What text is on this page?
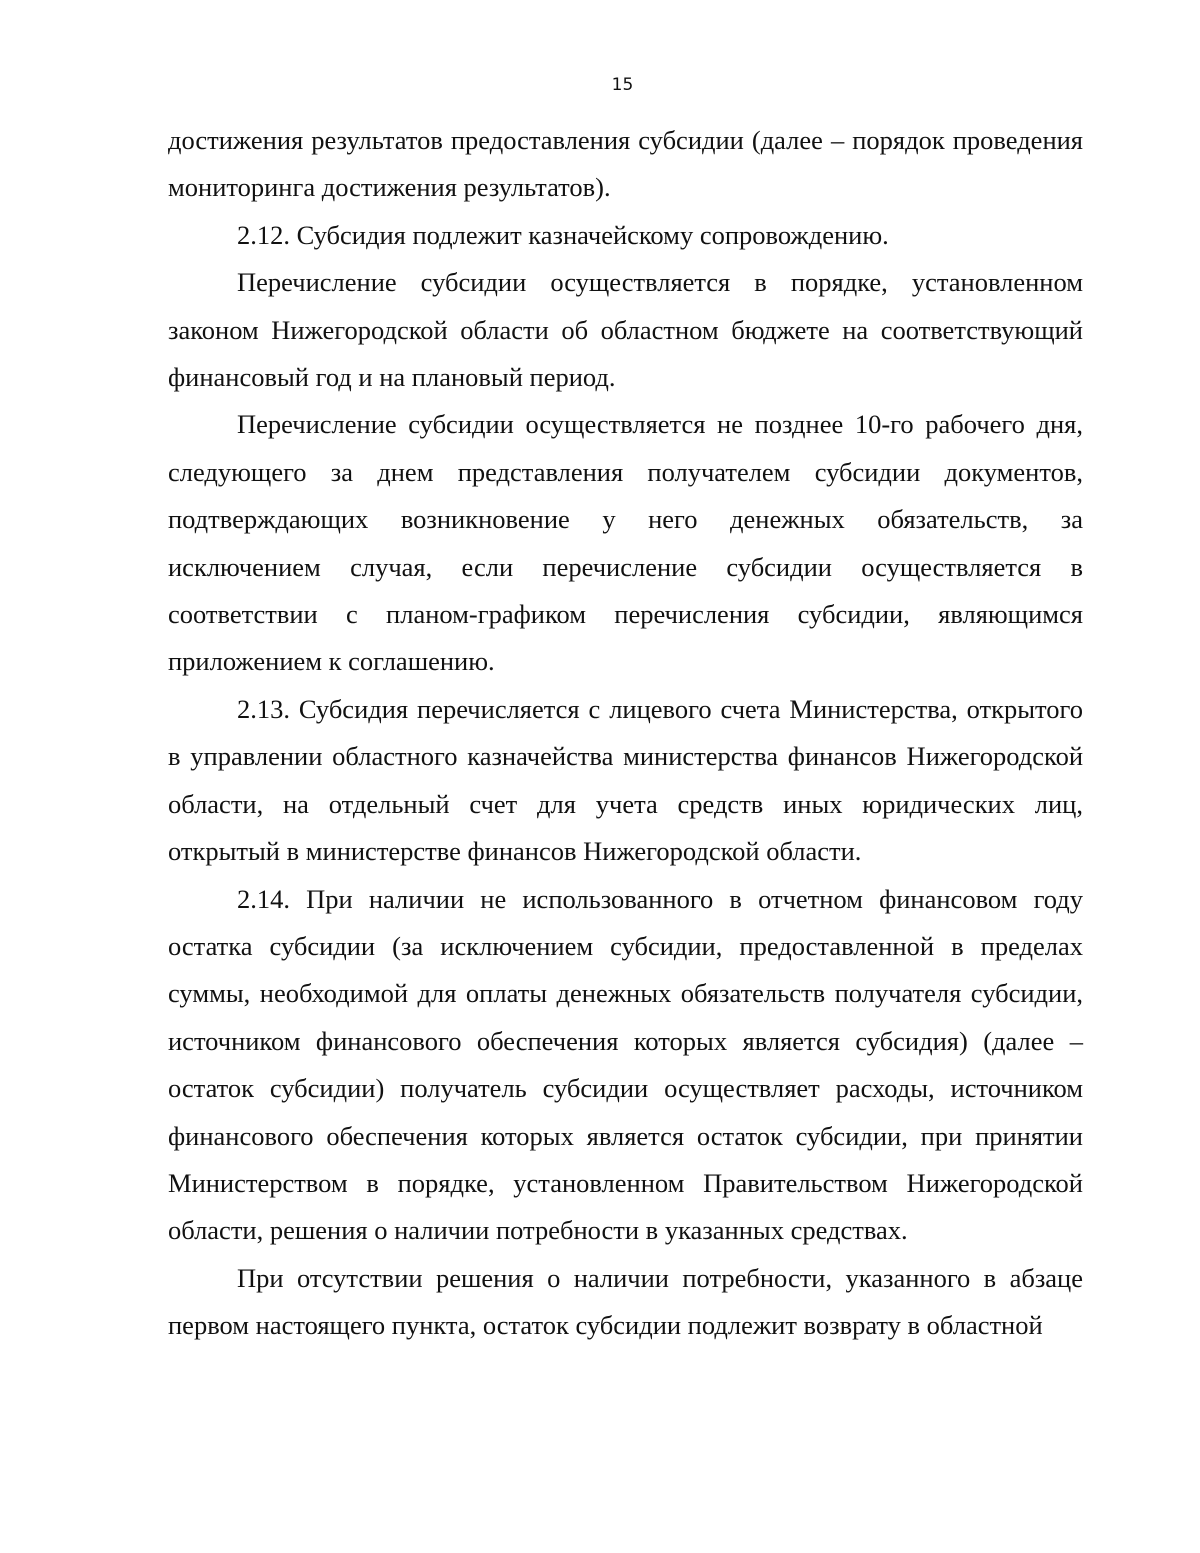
15

достижения результатов предоставления субсидии (далее – порядок проведения мониторинга достижения результатов).

2.12. Субсидия подлежит казначейскому сопровождению.

Перечисление субсидии осуществляется в порядке, установленном законом Нижегородской области об областном бюджете на соответствующий финансовый год и на плановый период.

Перечисление субсидии осуществляется не позднее 10-го рабочего дня, следующего за днем представления получателем субсидии документов, подтверждающих возникновение у него денежных обязательств, за исключением случая, если перечисление субсидии осуществляется в соответствии с планом-графиком перечисления субсидии, являющимся приложением к соглашению.

2.13. Субсидия перечисляется с лицевого счета Министерства, открытого в управлении областного казначейства министерства финансов Нижегородской области, на отдельный счет для учета средств иных юридических лиц, открытый в министерстве финансов Нижегородской области.

2.14. При наличии не использованного в отчетном финансовом году остатка субсидии (за исключением субсидии, предоставленной в пределах суммы, необходимой для оплаты денежных обязательств получателя субсидии, источником финансового обеспечения которых является субсидия) (далее – остаток субсидии) получатель субсидии осуществляет расходы, источником финансового обеспечения которых является остаток субсидии, при принятии Министерством в порядке, установленном Правительством Нижегородской области, решения о наличии потребности в указанных средствах.

При отсутствии решения о наличии потребности, указанного в абзаце первом настоящего пункта, остаток субсидии подлежит возврату в областной
